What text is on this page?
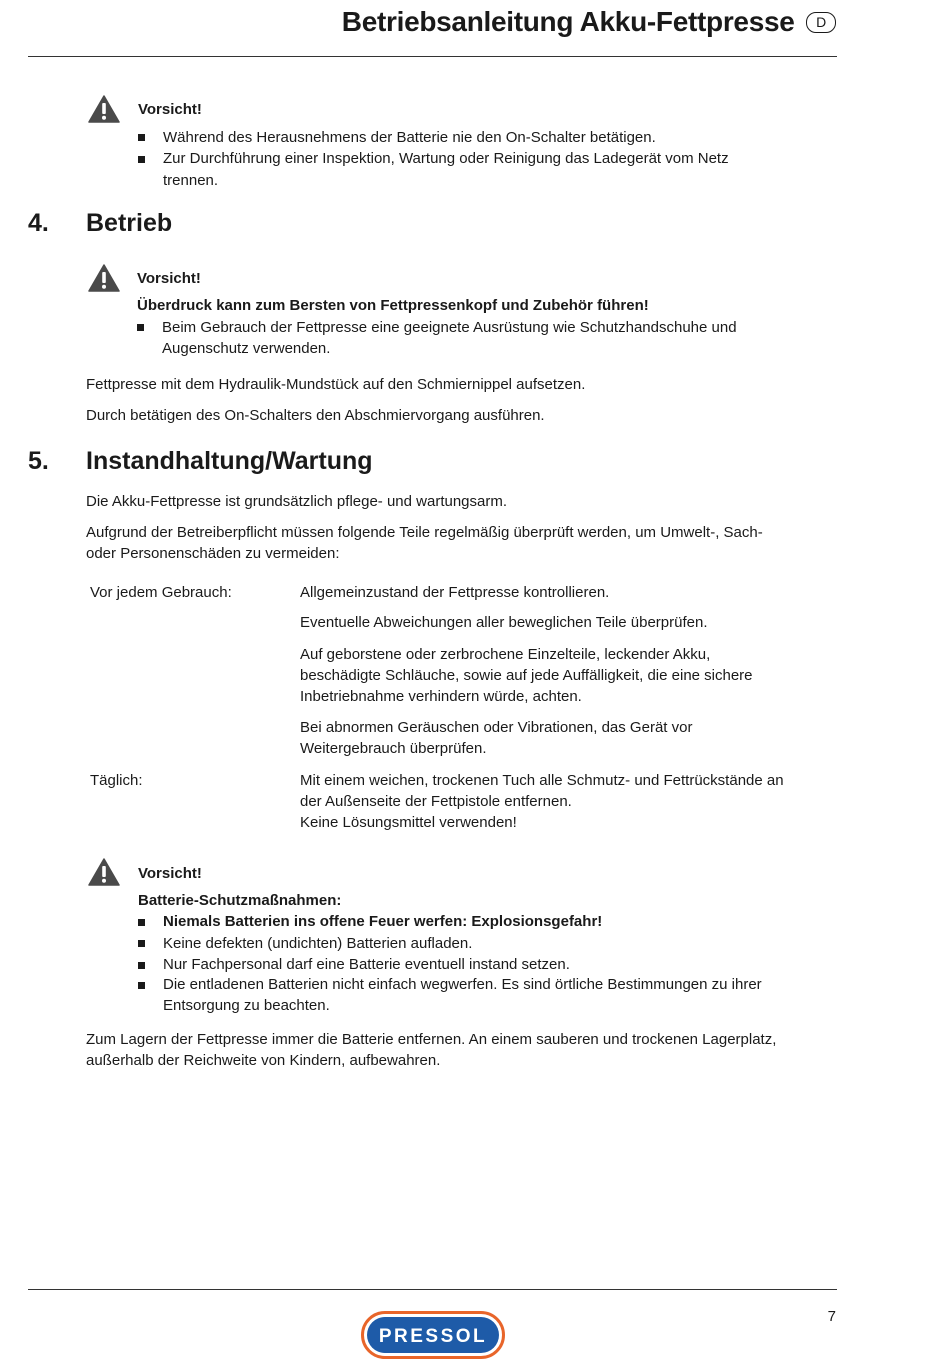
Betriebsanleitung Akku-Fettpresse D
Vorsicht!
Während des Herausnehmens der Batterie nie den On-Schalter betätigen.
Zur Durchführung einer Inspektion, Wartung oder Reinigung das Ladegerät vom Netz
trennen.
4. Betrieb
Vorsicht!
Überdruck kann zum Bersten von Fettpressenkopf und Zubehör führen!
Beim Gebrauch der Fettpresse eine geeignete Ausrüstung wie Schutzhandschuhe und
Augenschutz verwenden.
Fettpresse mit dem Hydraulik-Mundstück auf den Schmiernippel aufsetzen.
Durch betätigen des On-Schalters den Abschmiervorgang ausführen.
5. Instandhaltung/Wartung
Die Akku-Fettpresse ist grundsätzlich pflege- und wartungsarm.
Aufgrund der Betreiberpflicht müssen folgende Teile regelmäßig überprüft werden, um Umwelt-, Sach-
oder Personenschäden zu vermeiden:
Vor jedem Gebrauch:	Allgemeinzustand der Fettpresse kontrollieren.
Eventuelle Abweichungen aller beweglichen Teile überprüfen.
Auf geborstene oder zerbrochene Einzelteile, leckender Akku,
beschädigte Schläuche, sowie auf jede Auffälligkeit, die eine sichere
Inbetriebnahme verhindern würde, achten.
Bei abnormen Geräuschen oder Vibrationen, das Gerät vor
Weitergebrauch überprüfen.
Täglich:	Mit einem weichen, trockenen Tuch alle Schmutz- und Fettrückstände an
der Außenseite der Fettpistole entfernen.
Keine Lösungsmittel verwenden!
Vorsicht!
Batterie-Schutzmaßnahmen:
Niemals Batterien ins offene Feuer werfen: Explosionsgefahr!
Keine defekten (undichten) Batterien aufladen.
Nur Fachpersonal darf eine Batterie eventuell instand setzen.
Die entladenen Batterien nicht einfach wegwerfen. Es sind örtliche Bestimmungen zu ihrer
Entsorgung zu beachten.
Zum Lagern der Fettpresse immer die Batterie entfernen. An einem sauberen und trockenen Lagerplatz,
außerhalb der Reichweite von Kindern, aufbewahren.
7
PRESSOL
